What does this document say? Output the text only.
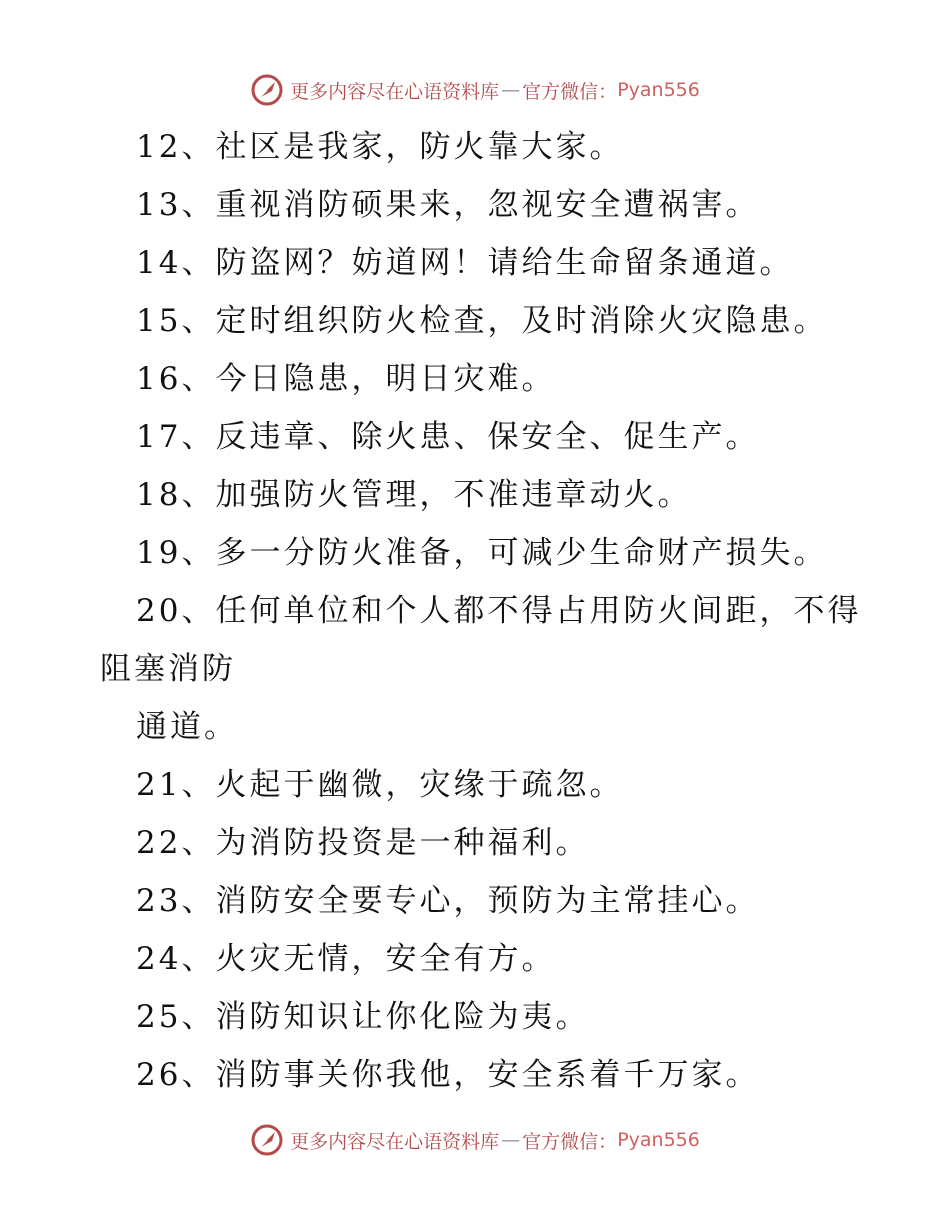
更多内容尽在心语资料库 — 官方微信： Pyan556
12、社区是我家，防火靠大家。
13、重视消防硕果来，忽视安全遭祸害。
14、防盗网？妨道网！请给生命留条通道。
15、定时组织防火检查，及时消除火灾隐患。
16、今日隐患，明日灾难。
17、反违章、除火患、保安全、促生产。
18、加强防火管理，不准违章动火。
19、多一分防火准备，可减少生命财产损失。
20、任何单位和个人都不得占用防火间距，不得
阻塞消防
通道。
21、火起于幽微，灾缘于疏忽。
22、为消防投资是一种福利。
23、消防安全要专心，预防为主常挂心。
24、火灾无情，安全有方。
25、消防知识让你化险为夷。
26、消防事关你我他，安全系着千万家。
更多内容尽在心语资料库 — 官方微信： Pyan556
